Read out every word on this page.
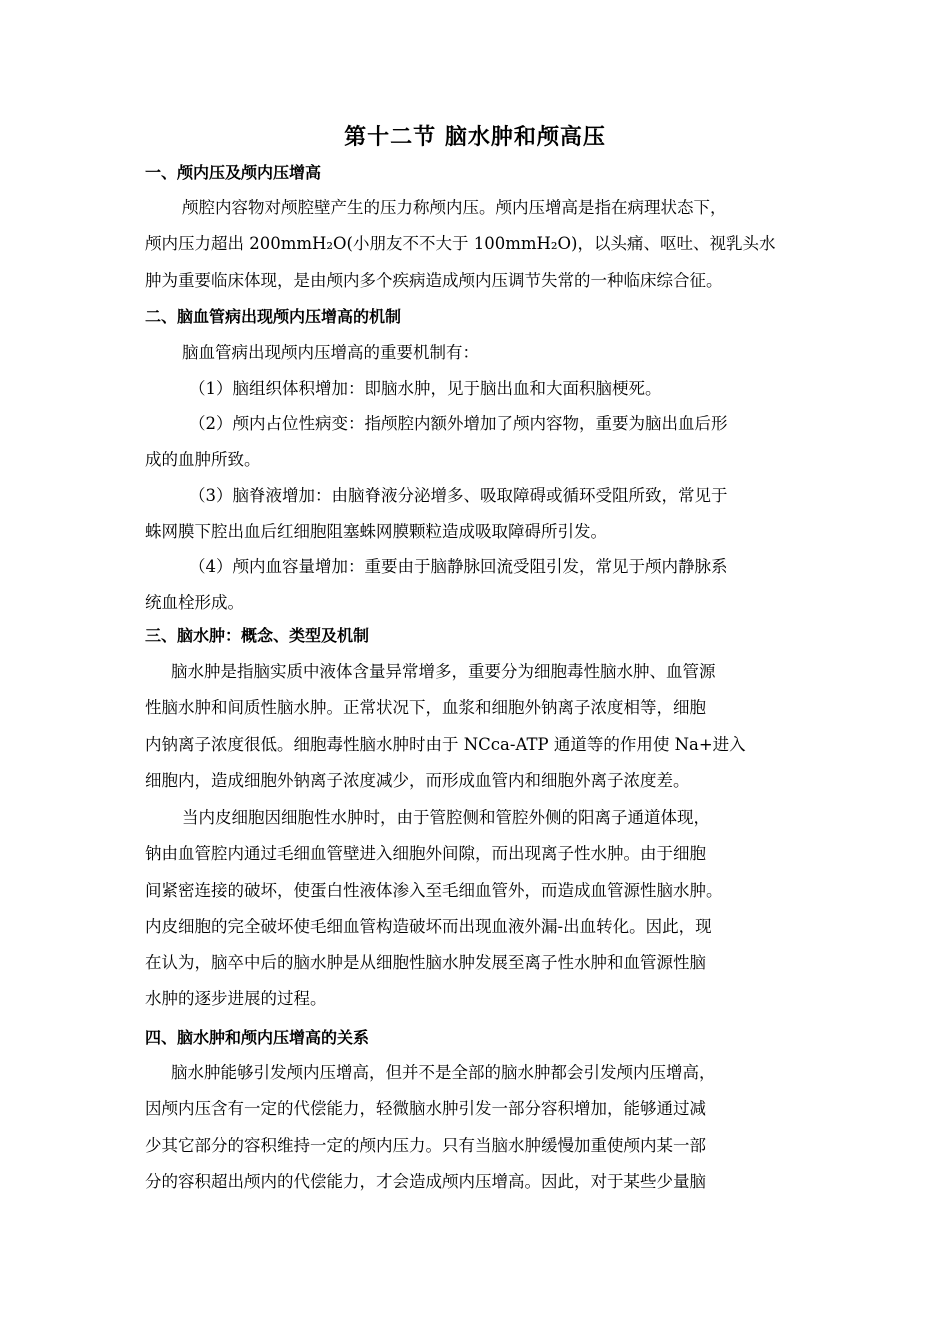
第十二节 脑水肿和颅高压
一、颅内压及颅内压增高
颅腔内容物对颅腔壁产生的压力称颅内压。颅内压增高是指在病理状态下，
颅内压力超出 200mmH₂O(小朋友不不大于 100mmH₂O)，以头痛、呕吐、视乳头水
肿为重要临床体现，是由颅内多个疾病造成颅内压调节失常的一种临床综合征。
二、脑血管病出现颅内压增高的机制
脑血管病出现颅内压增高的重要机制有：
（1）脑组织体积增加：即脑水肿，见于脑出血和大面积脑梗死。
（2）颅内占位性病变：指颅腔内额外增加了颅内容物，重要为脑出血后形
成的血肿所致。
（3）脑脊液增加：由脑脊液分泌增多、吸取障碍或循环受阻所致，常见于
蛛网膜下腔出血后红细胞阻塞蛛网膜颗粒造成吸取障碍所引发。
（4）颅内血容量增加：重要由于脑静脉回流受阻引发，常见于颅内静脉系
统血栓形成。
三、脑水肿：概念、类型及机制
脑水肿是指脑实质中液体含量异常增多，重要分为细胞毒性脑水肿、血管源
性脑水肿和间质性脑水肿。正常状况下，血浆和细胞外钠离子浓度相等，细胞
内钠离子浓度很低。细胞毒性脑水肿时由于 NCca-ATP 通道等的作用使 Na+进入
细胞内，造成细胞外钠离子浓度减少，而形成血管内和细胞外离子浓度差。
当内皮细胞因细胞性水肿时，由于管腔侧和管腔外侧的阳离子通道体现，
钠由血管腔内通过毛细血管壁进入细胞外间隙，而出现离子性水肿。由于细胞
间紧密连接的破坏，使蛋白性液体渗入至毛细血管外，而造成血管源性脑水肿。
内皮细胞的完全破坏使毛细血管构造破坏而出现血液外漏-出血转化。因此，现
在认为，脑卒中后的脑水肿是从细胞性脑水肿发展至离子性水肿和血管源性脑
水肿的逐步进展的过程。
四、脑水肿和颅内压增高的关系
脑水肿能够引发颅内压增高，但并不是全部的脑水肿都会引发颅内压增高，
因颅内压含有一定的代偿能力，轻微脑水肿引发一部分容积增加，能够通过减
少其它部分的容积维持一定的颅内压力。只有当脑水肿缓慢加重使颅内某一部
分的容积超出颅内的代偿能力，才会造成颅内压增高。因此，对于某些少量脑
